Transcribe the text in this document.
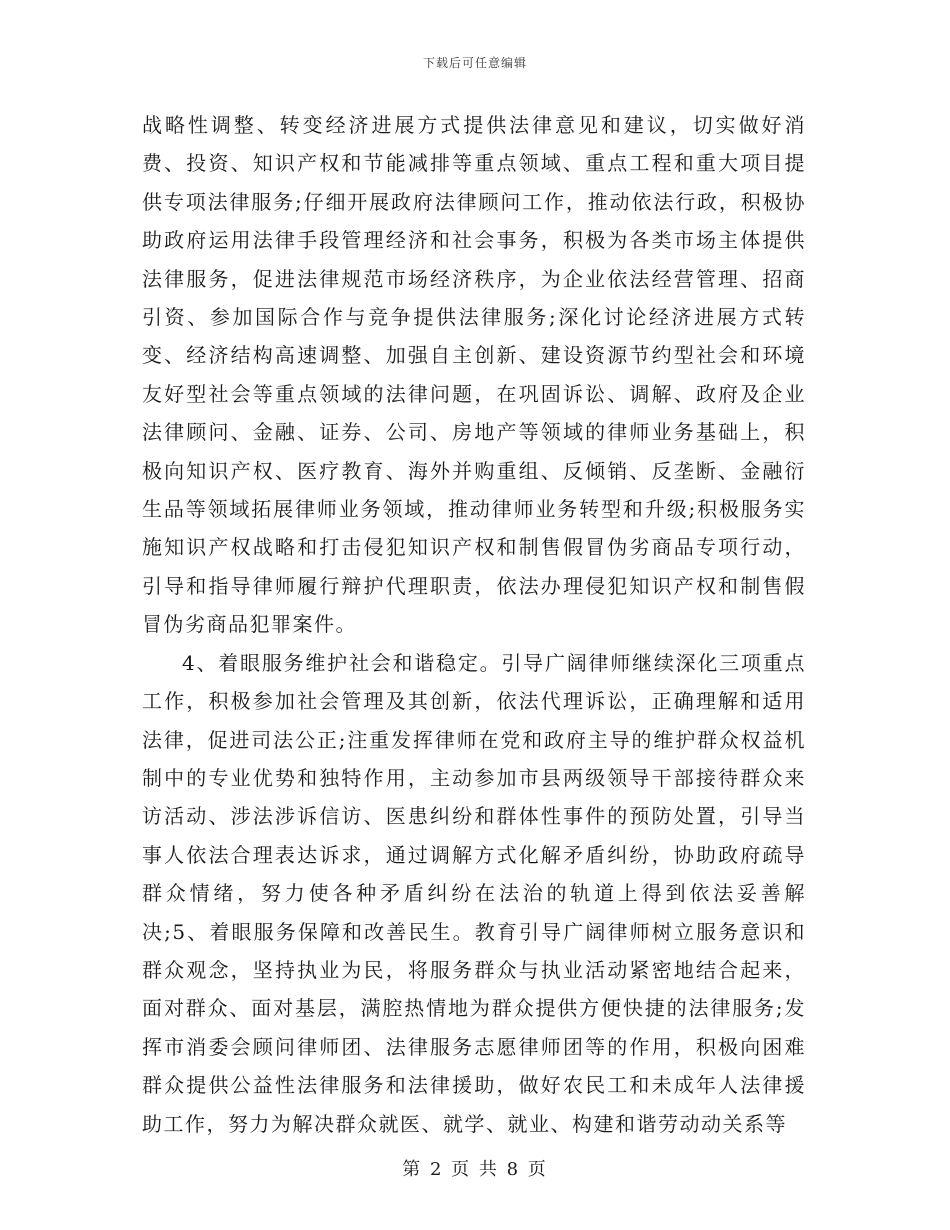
下载后可任意编辑

战略性调整、转变经济进展方式提供法律意见和建议，切实做好消费、投资、知识产权和节能减排等重点领域、重点工程和重大项目提供专项法律服务;仔细开展政府法律顾问工作，推动依法行政，积极协助政府运用法律手段管理经济和社会事务，积极为各类市场主体提供法律服务，促进法律规范市场经济秩序，为企业依法经营管理、招商引资、参加国际合作与竞争提供法律服务;深化讨论经济进展方式转变、经济结构高速调整、加强自主创新、建设资源节约型社会和环境友好型社会等重点领域的法律问题，在巩固诉讼、调解、政府及企业法律顾问、金融、证券、公司、房地产等领域的律师业务基础上，积极向知识产权、医疗教育、海外并购重组、反倾销、反垄断、金融衍生品等领域拓展律师业务领域，推动律师业务转型和升级;积极服务实施知识产权战略和打击侵犯知识产权和制售假冒伪劣商品专项行动，引导和指导律师履行辩护代理职责，依法办理侵犯知识产权和制售假冒伪劣商品犯罪案件。

4、着眼服务维护社会和谐稳定。引导广阔律师继续深化三项重点工作，积极参加社会管理及其创新，依法代理诉讼，正确理解和适用法律，促进司法公正;注重发挥律师在党和政府主导的维护群众权益机制中的专业优势和独特作用，主动参加市县两级领导干部接待群众来访活动、涉法涉诉信访、医患纠纷和群体性事件的预防处置，引导当事人依法合理表达诉求，通过调解方式化解矛盾纠纷，协助政府疏导群众情绪，努力使各种矛盾纠纷在法治的轨道上得到依法妥善解决;5、着眼服务保障和改善民生。教育引导广阔律师树立服务意识和群众观念，坚持执业为民，将服务群众与执业活动紧密地结合起来，面对群众、面对基层，满腔热情地为群众提供方便快捷的法律服务;发挥市消委会顾问律师团、法律服务志愿律师团等的作用，积极向困难群众提供公益性法律服务和法律援助，做好农民工和未成年人法律援助工作，努力为解决群众就医、就学、就业、构建和谐劳动动关系等

第 2 页 共 8 页
